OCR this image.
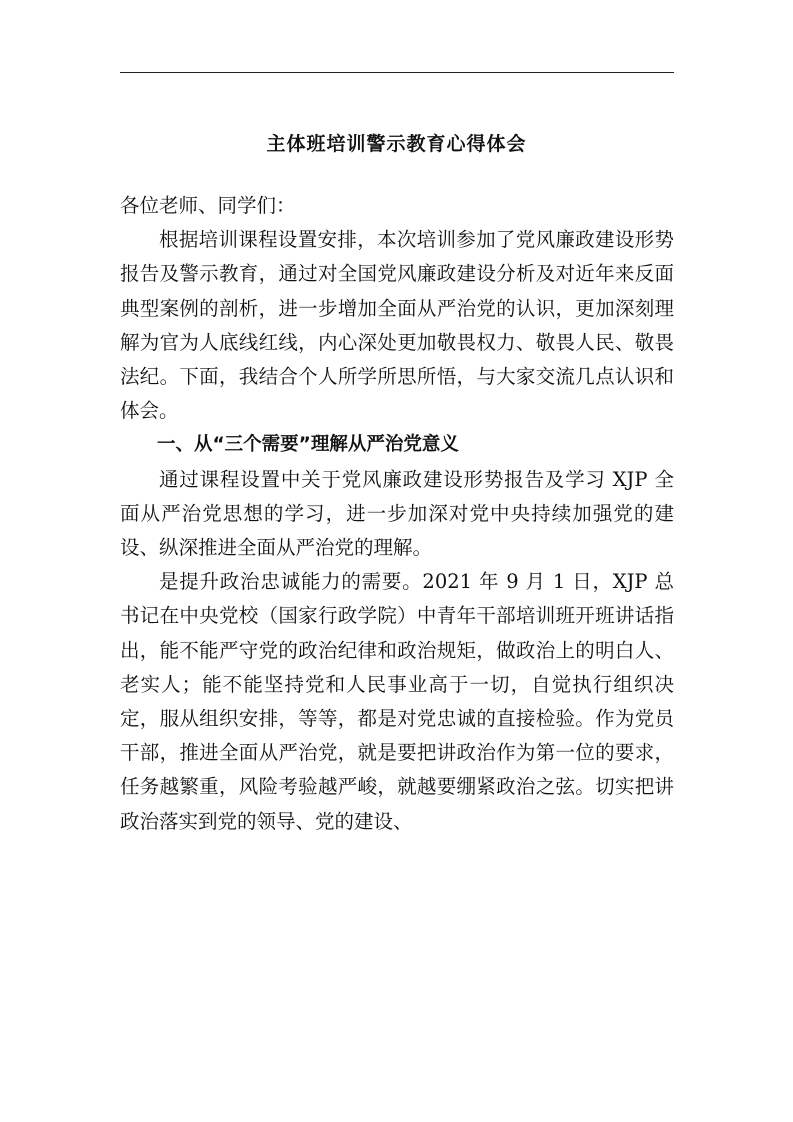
主体班培训警示教育心得体会

各位老师、同学们：

根据培训课程设置安排，本次培训参加了党风廉政建设形势报告及警示教育，通过对全国党风廉政建设分析及对近年来反面典型案例的剖析，进一步增加全面从严治党的认识，更加深刻理解为官为人底线红线，内心深处更加敬畏权力、敬畏人民、敬畏法纪。下面，我结合个人所学所思所悟，与大家交流几点认识和体会。

一、从“三个需要”理解从严治党意义

通过课程设置中关于党风廉政建设形势报告及学习 XJP 全面从严治党思想的学习，进一步加深对党中央持续加强党的建设、纵深推进全面从严治党的理解。

是提升政治忠诚能力的需要。2021 年 9 月 1 日，XJP 总书记在中央党校（国家行政学院）中青年干部培训班开班讲话指出，能不能严守党的政治纪律和政治规矩，做政治上的明白人、老实人；能不能坚持党和人民事业高于一切，自觉执行组织决定，服从组织安排，等等，都是对党忠诚的直接检验。作为党员干部，推进全面从严治党，就是要把讲政治作为第一位的要求，任务越繁重，风险考验越严峻，就越要绷紧政治之弦。切实把讲政治落实到党的领导、党的建设、
